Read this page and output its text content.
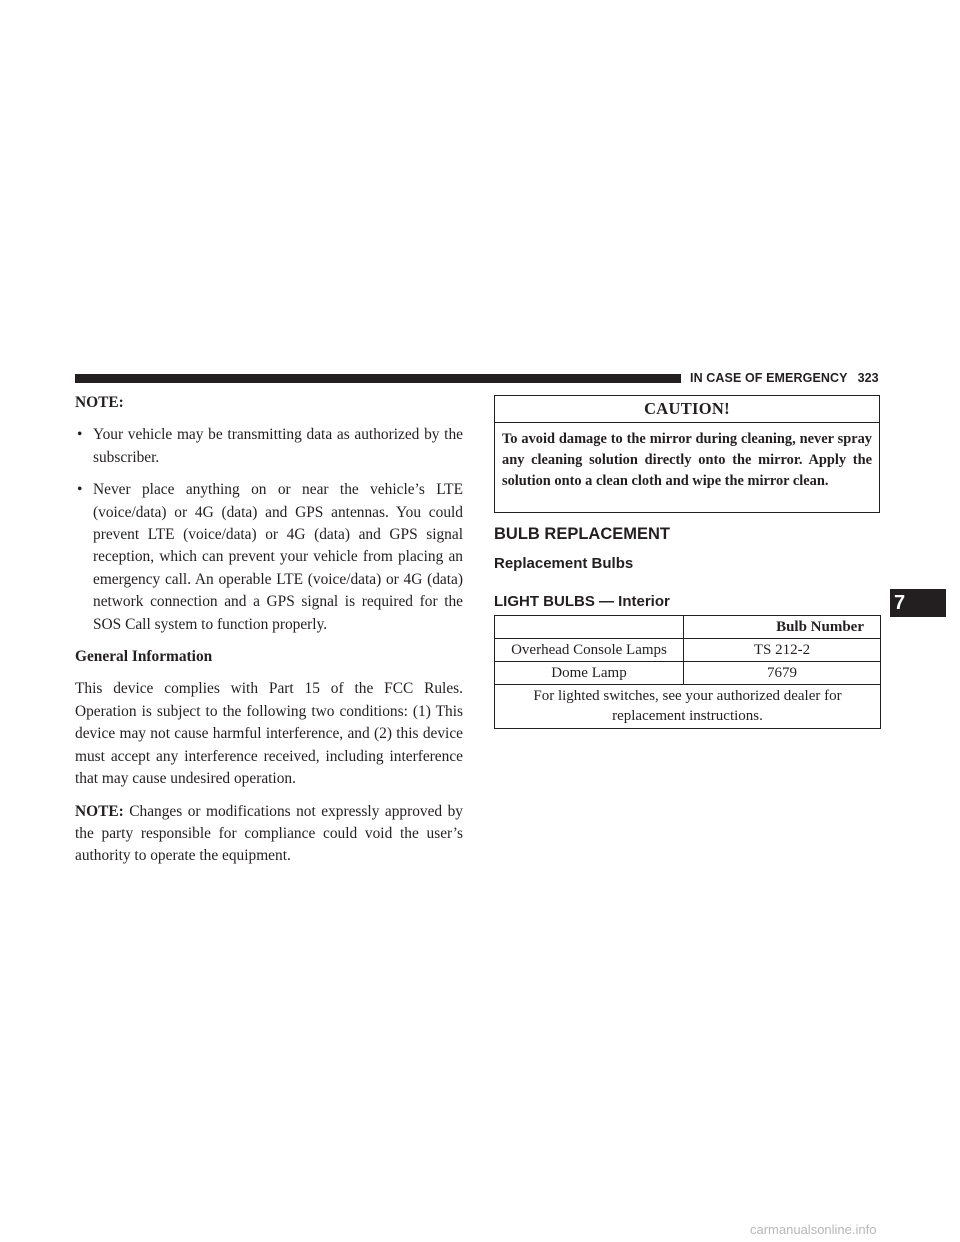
IN CASE OF EMERGENCY 323

NOTE:

• Your vehicle may be transmitting data as authorized by the subscriber.
• Never place anything on or near the vehicle’s LTE (voice/data) or 4G (data) and GPS antennas. You could prevent LTE (voice/data) or 4G (data) and GPS signal reception, which can prevent your vehicle from placing an emergency call. An operable LTE (voice/data) or 4G (data) network connection and a GPS signal is required for the SOS Call system to function properly.

General Information

This device complies with Part 15 of the FCC Rules. Operation is subject to the following two conditions: (1) This device may not cause harmful interference, and (2) this device must accept any interference received, including interference that may cause undesired operation.

NOTE: Changes or modifications not expressly approved by the party responsible for compliance could void the user’s authority to operate the equipment.

CAUTION!
To avoid damage to the mirror during cleaning, never spray any cleaning solution directly onto the mirror. Apply the solution onto a clean cloth and wipe the mirror clean.
BULB REPLACEMENT
Replacement Bulbs
LIGHT BULBS — Interior
	Bulb Number
Overhead Console Lamps	TS 212-2
Dome Lamp	7679
For lighted switches, see your authorized dealer for replacement instructions.	
7
carmanualsonline.info
